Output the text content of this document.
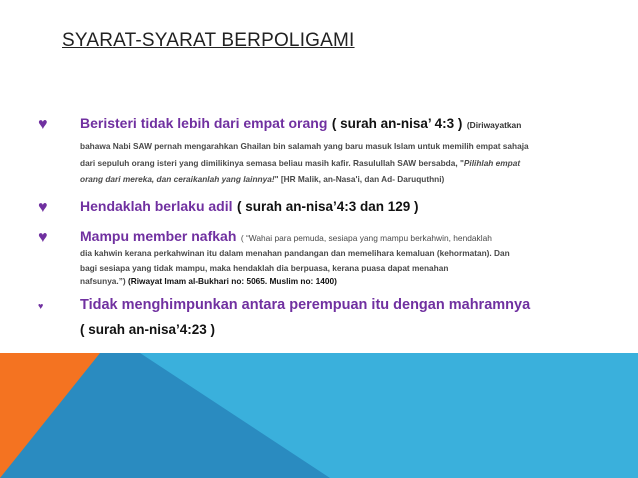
SYARAT-SYARAT BERPOLIGAMI
♥ Beristeri tidak lebih dari empat orang ( surah an-nisa’ 4:3 ) (Diriwayatkan
bahawa Nabi SAW pernah mengarahkan Ghailan bin salamah yang baru masuk Islam untuk memilih empat sahaja
dari sepuluh orang isteri yang dimilikinya semasa beliau masih kafir. Rasulullah SAW bersabda, "Pilihlah empat
orang dari mereka, dan ceraikanlah yang lainnya!" [HR Malik, an-Nasa'i, dan Ad- Daruquthni)
♥ Hendaklah berlaku adil ( surah an-nisa’4:3 dan 129 )
♥ Mampu member nafkah ( “Wahai para pemuda, sesiapa yang mampu berkahwin, hendaklah
dia kahwin kerana perkahwinan itu dalam menahan pandangan dan memelihara kemaluan (kehormatan). Dan
bagi sesiapa yang tidak mampu, maka hendaklah dia berpuasa, kerana puasa dapat menahan
nafsunya.”) (Riwayat Imam al-Bukhari no: 5065. Muslim no: 1400)
♥	Tidak menghimpunkan antara perempuan itu dengan mahramnya
( surah an-nisa’4:23 )
